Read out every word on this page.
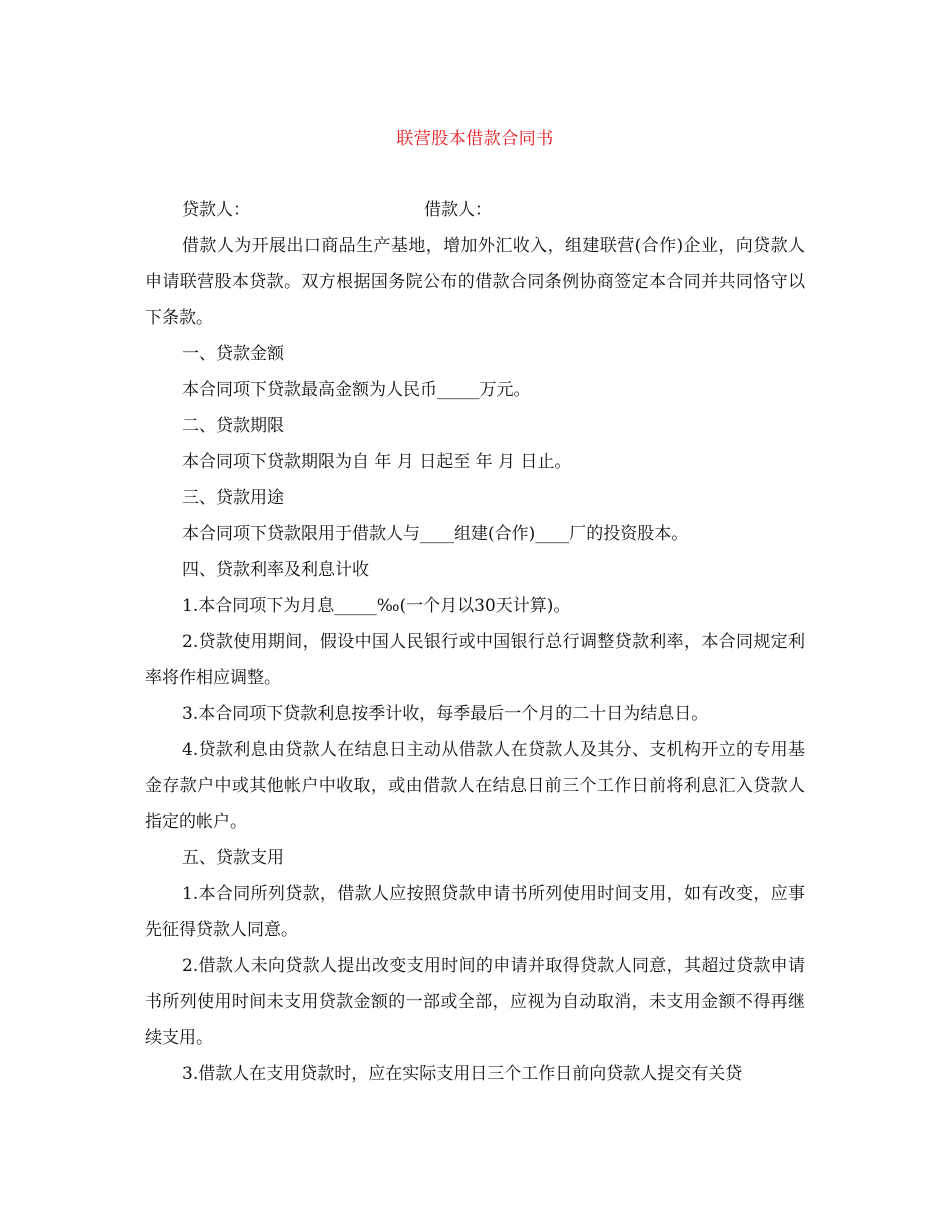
联营股本借款合同书
贷款人：	借款人：

借款人为开展出口商品生产基地，增加外汇收入，组建联营(合作)企业，向贷款人申请联营股本贷款。双方根据国务院公布的借款合同条例协商签定本合同并共同恪守以下条款。

一、贷款金额

本合同项下贷款最高金额为人民币_____万元。

二、贷款期限

本合同项下贷款期限为自 年 月 日起至 年 月 日止。

三、贷款用途

本合同项下贷款限用于借款人与____组建(合作)____厂的投资股本。

四、贷款利率及利息计收

1.本合同项下为月息_____‰(一个月以30天计算)。

2.贷款使用期间，假设中国人民银行或中国银行总行调整贷款利率，本合同规定利率将作相应调整。

3.本合同项下贷款利息按季计收，每季最后一个月的二十日为结息日。

4.贷款利息由贷款人在结息日主动从借款人在贷款人及其分、支机构开立的专用基金存款户中或其他帐户中收取，或由借款人在结息日前三个工作日前将利息汇入贷款人指定的帐户。

五、贷款支用

1.本合同所列贷款，借款人应按照贷款申请书所列使用时间支用，如有改变，应事先征得贷款人同意。

2.借款人未向贷款人提出改变支用时间的申请并取得贷款人同意，其超过贷款申请书所列使用时间未支用贷款金额的一部或全部，应视为自动取消，未支用金额不得再继续支用。

3.借款人在支用贷款时，应在实际支用日三个工作日前向贷款人提交有关贷
